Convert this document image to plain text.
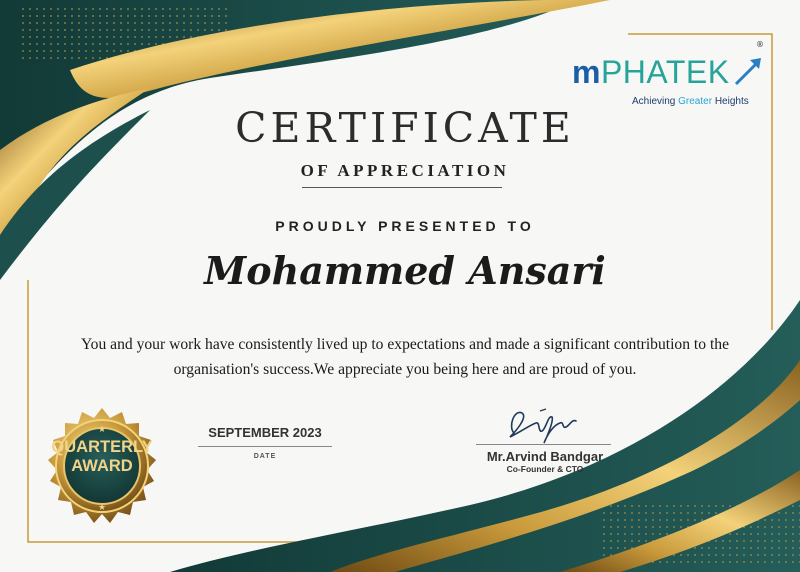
mPHATEK
®
Achieving Greater Heights
CERTIFICATE
OF APPRECIATION
PROUDLY PRESENTED TO
Mohammed Ansari
You and your work have consistently lived up to expectations and made a significant contribution to the organisation's success.We appreciate you being here and are proud of you.
SEPTEMBER 2023
DATE	Mr.Arvind Bandgar
Co-Founder & CTO
★
★
QUARTERLY
AWARD
